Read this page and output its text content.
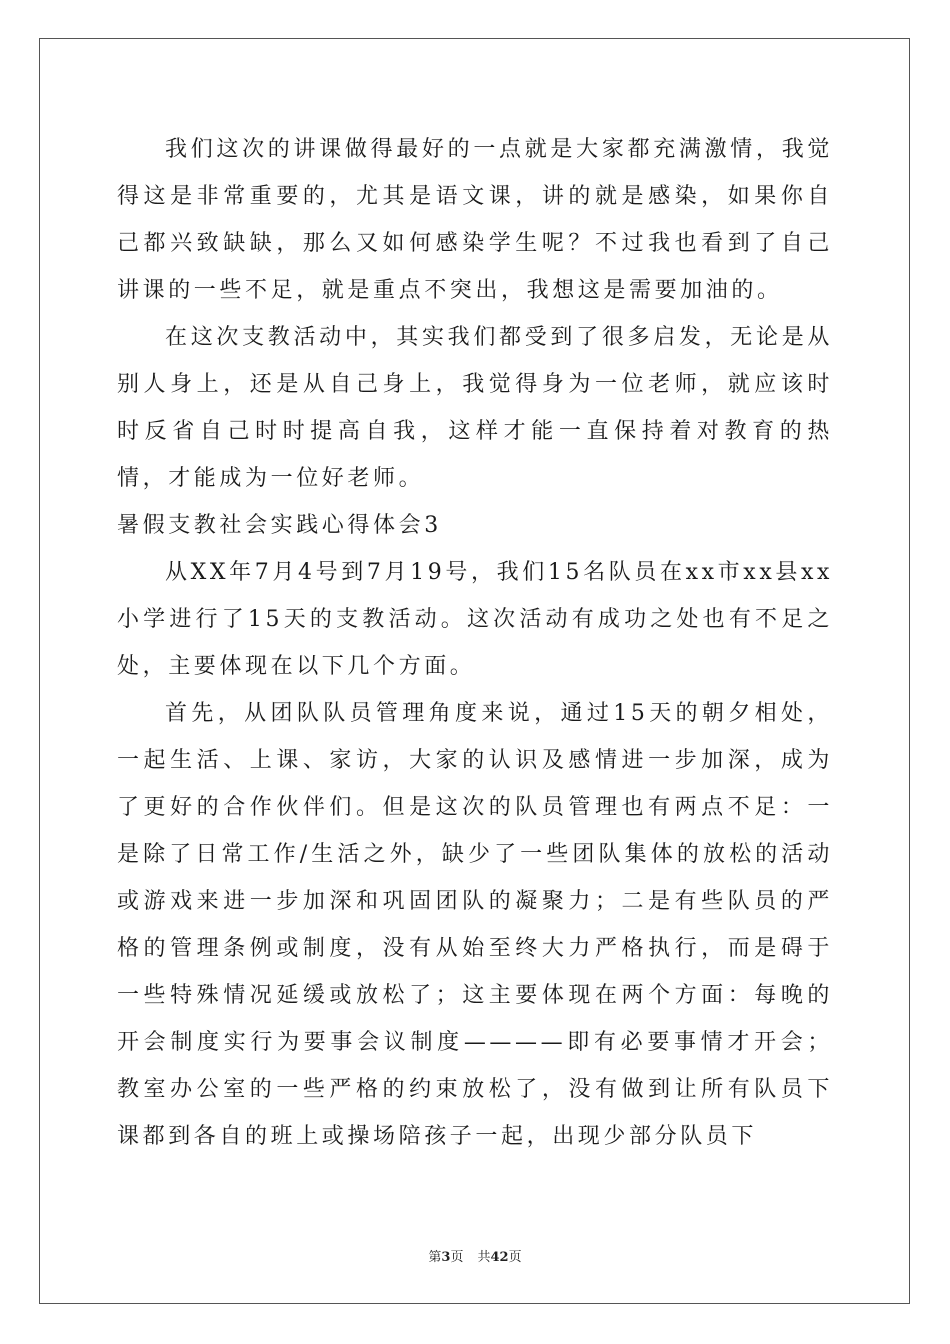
我们这次的讲课做得最好的一点就是大家都充满激情，我觉得这是非常重要的，尤其是语文课，讲的就是感染，如果你自己都兴致缺缺，那么又如何感染学生呢？不过我也看到了自己讲课的一些不足，就是重点不突出，我想这是需要加油的。

在这次支教活动中，其实我们都受到了很多启发，无论是从别人身上，还是从自己身上，我觉得身为一位老师，就应该时时反省自己时时提高自我，这样才能一直保持着对教育的热情，才能成为一位好老师。

暑假支教社会实践心得体会3

从XX年7月4号到7月19号，我们15名队员在xx市xx县xx小学进行了15天的支教活动。这次活动有成功之处也有不足之处，主要体现在以下几个方面。

首先，从团队队员管理角度来说，通过15天的朝夕相处，一起生活、上课、家访，大家的认识及感情进一步加深，成为了更好的合作伙伴们。但是这次的队员管理也有两点不足：一是除了日常工作/生活之外，缺少了一些团队集体的放松的活动或游戏来进一步加深和巩固团队的凝聚力；二是有些队员的严格的管理条例或制度，没有从始至终大力严格执行，而是碍于一些特殊情况延缓或放松了；这主要体现在两个方面：每晚的开会制度实行为要事会议制度————即有必要事情才开会；教室办公室的一些严格的约束放松了，没有做到让所有队员下课都到各自的班上或操场陪孩子一起，出现少部分队员下

第3页 共42页
